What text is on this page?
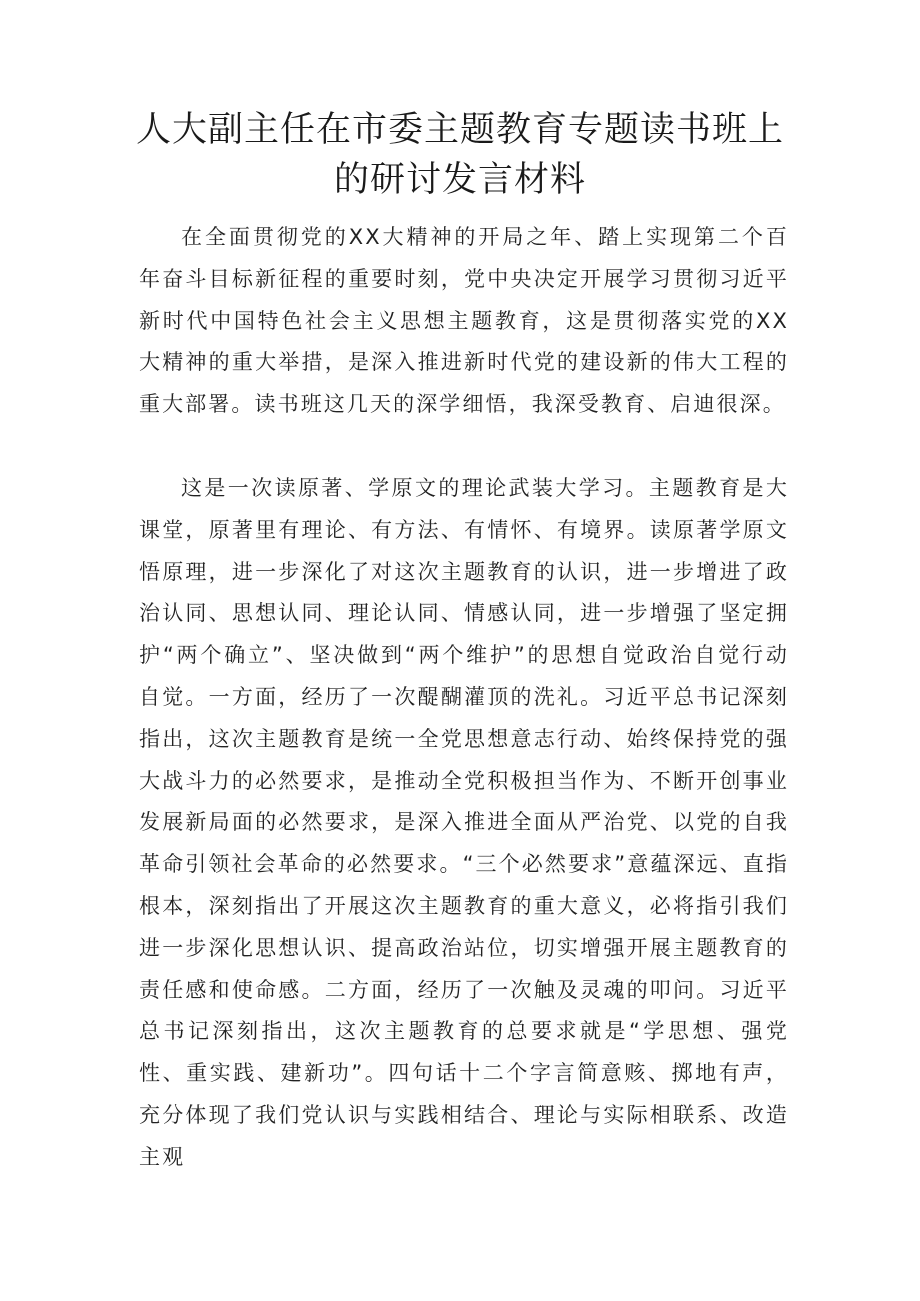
人大副主任在市委主题教育专题读书班上
的研讨发言材料

在全面贯彻党的XX大精神的开局之年、踏上实现第二个百年奋斗目标新征程的重要时刻，党中央决定开展学习贯彻习近平新时代中国特色社会主义思想主题教育，这是贯彻落实党的XX大精神的重大举措，是深入推进新时代党的建设新的伟大工程的重大部署。读书班这几天的深学细悟，我深受教育、启迪很深。

这是一次读原著、学原文的理论武装大学习。主题教育是大课堂，原著里有理论、有方法、有情怀、有境界。读原著学原文悟原理，进一步深化了对这次主题教育的认识，进一步增进了政治认同、思想认同、理论认同、情感认同，进一步增强了坚定拥护“两个确立”、坚决做到“两个维护”的思想自觉政治自觉行动自觉。一方面，经历了一次醍醐灌顶的洗礼。习近平总书记深刻指出，这次主题教育是统一全党思想意志行动、始终保持党的强大战斗力的必然要求，是推动全党积极担当作为、不断开创事业发展新局面的必然要求，是深入推进全面从严治党、以党的自我革命引领社会革命的必然要求。“三个必然要求”意蕴深远、直指根本，深刻指出了开展这次主题教育的重大意义，必将指引我们进一步深化思想认识、提高政治站位，切实增强开展主题教育的责任感和使命感。二方面，经历了一次触及灵魂的叩问。习近平总书记深刻指出，这次主题教育的总要求就是“学思想、强党性、重实践、建新功”。四句话十二个字言简意赅、掷地有声，充分体现了我们党认识与实践相结合、理论与实际相联系、改造主观
